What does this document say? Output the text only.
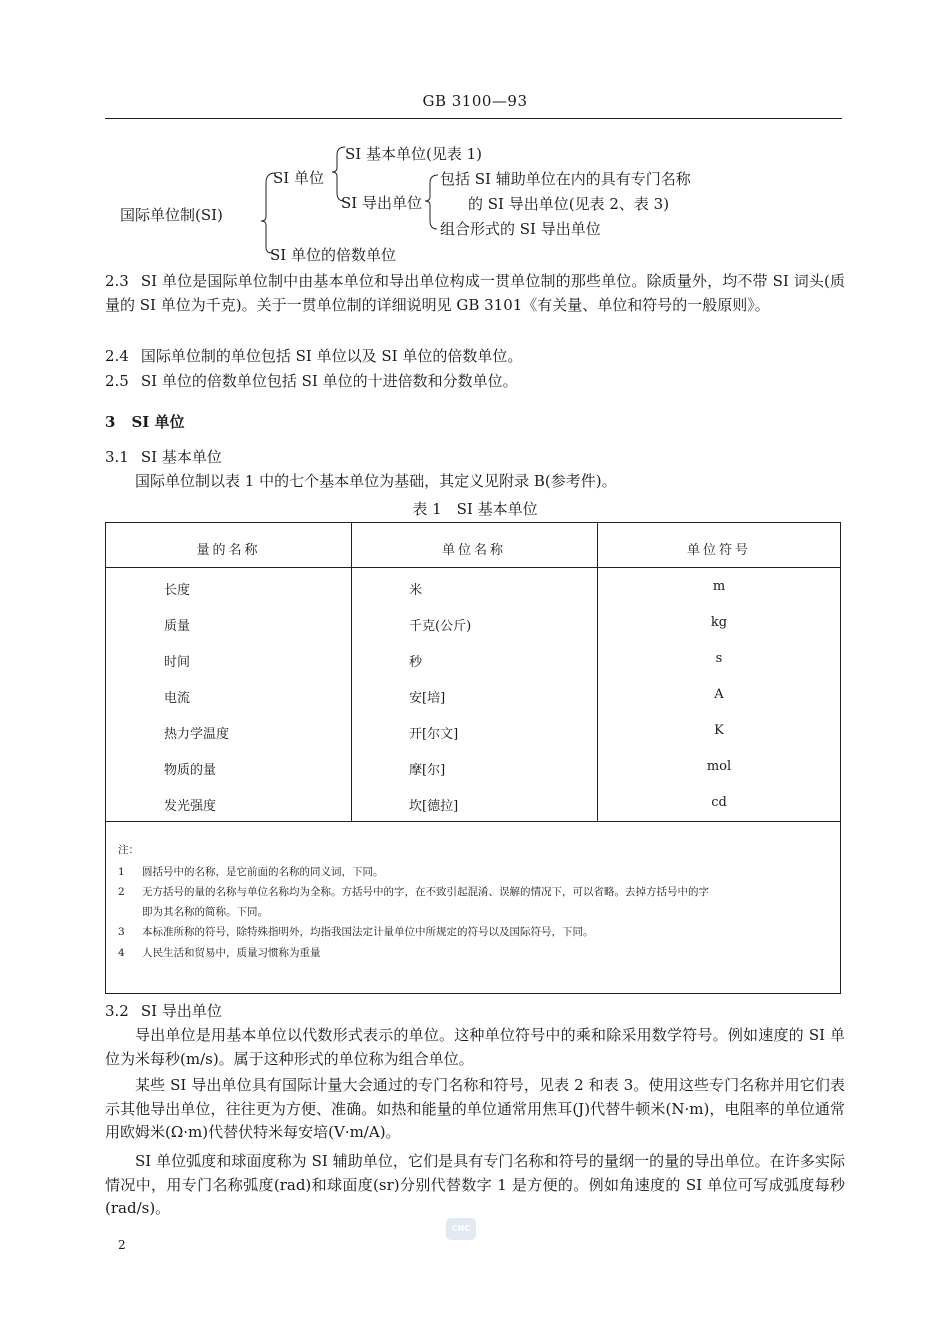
GB 3100—93
国际单位制(SI)
SI 单位
SI 基本单位(见表 1)
SI 导出单位
包括 SI 辅助单位在内的具有专门名称
的 SI 导出单位(见表 2、表 3)
组合形式的 SI 导出单位
SI 单位的倍数单位
2.3 SI 单位是国际单位制中由基本单位和导出单位构成一贯单位制的那些单位。除质量外，均不带 SI 词头(质量的 SI 单位为千克)。关于一贯单位制的详细说明见 GB 3101《有关量、单位和符号的一般原则》。
2.4 国际单位制的单位包括 SI 单位以及 SI 单位的倍数单位。
2.5 SI 单位的倍数单位包括 SI 单位的十进倍数和分数单位。
3 SI 单位
3.1 SI 基本单位
国际单位制以表 1 中的七个基本单位为基础，其定义见附录 B(参考件)。
表 1　SI 基本单位
量的名称	单位名称	单位符号
长度	米	m
质量	千克(公斤)	kg
时间	秒	s
电流	安[培]	A
热力学温度	开[尔文]	K
物质的量	摩[尔]	mol
发光强度	坎[德拉]	cd
注：
1 圆括号中的名称，是它前面的名称的同义词，下同。
2 无方括号的量的名称与单位名称均为全称。方括号中的字，在不致引起混淆、误解的情况下，可以省略。去掉方括号中的字
即为其名称的简称。下同。
3 本标准所称的符号，除特殊指明外，均指我国法定计量单位中所规定的符号以及国际符号，下同。
4 人民生活和贸易中，质量习惯称为重量
3.2 SI 导出单位
导出单位是用基本单位以代数形式表示的单位。这种单位符号中的乘和除采用数学符号。例如速度的 SI 单位为米每秒(m/s)。属于这种形式的单位称为组合单位。
某些 SI 导出单位具有国际计量大会通过的专门名称和符号，见表 2 和表 3。使用这些专门名称并用它们表示其他导出单位，往往更为方便、准确。如热和能量的单位通常用焦耳(J)代替牛顿米(N·m)，电阻率的单位通常用欧姆米(Ω·m)代替伏特米每安培(V·m/A)。
SI 单位弧度和球面度称为 SI 辅助单位，它们是具有专门名称和符号的量纲一的量的导出单位。在许多实际情况中，用专门名称弧度(rad)和球面度(sr)分别代替数字 1 是方便的。例如角速度的 SI 单位可写成弧度每秒(rad/s)。
CNC
2
